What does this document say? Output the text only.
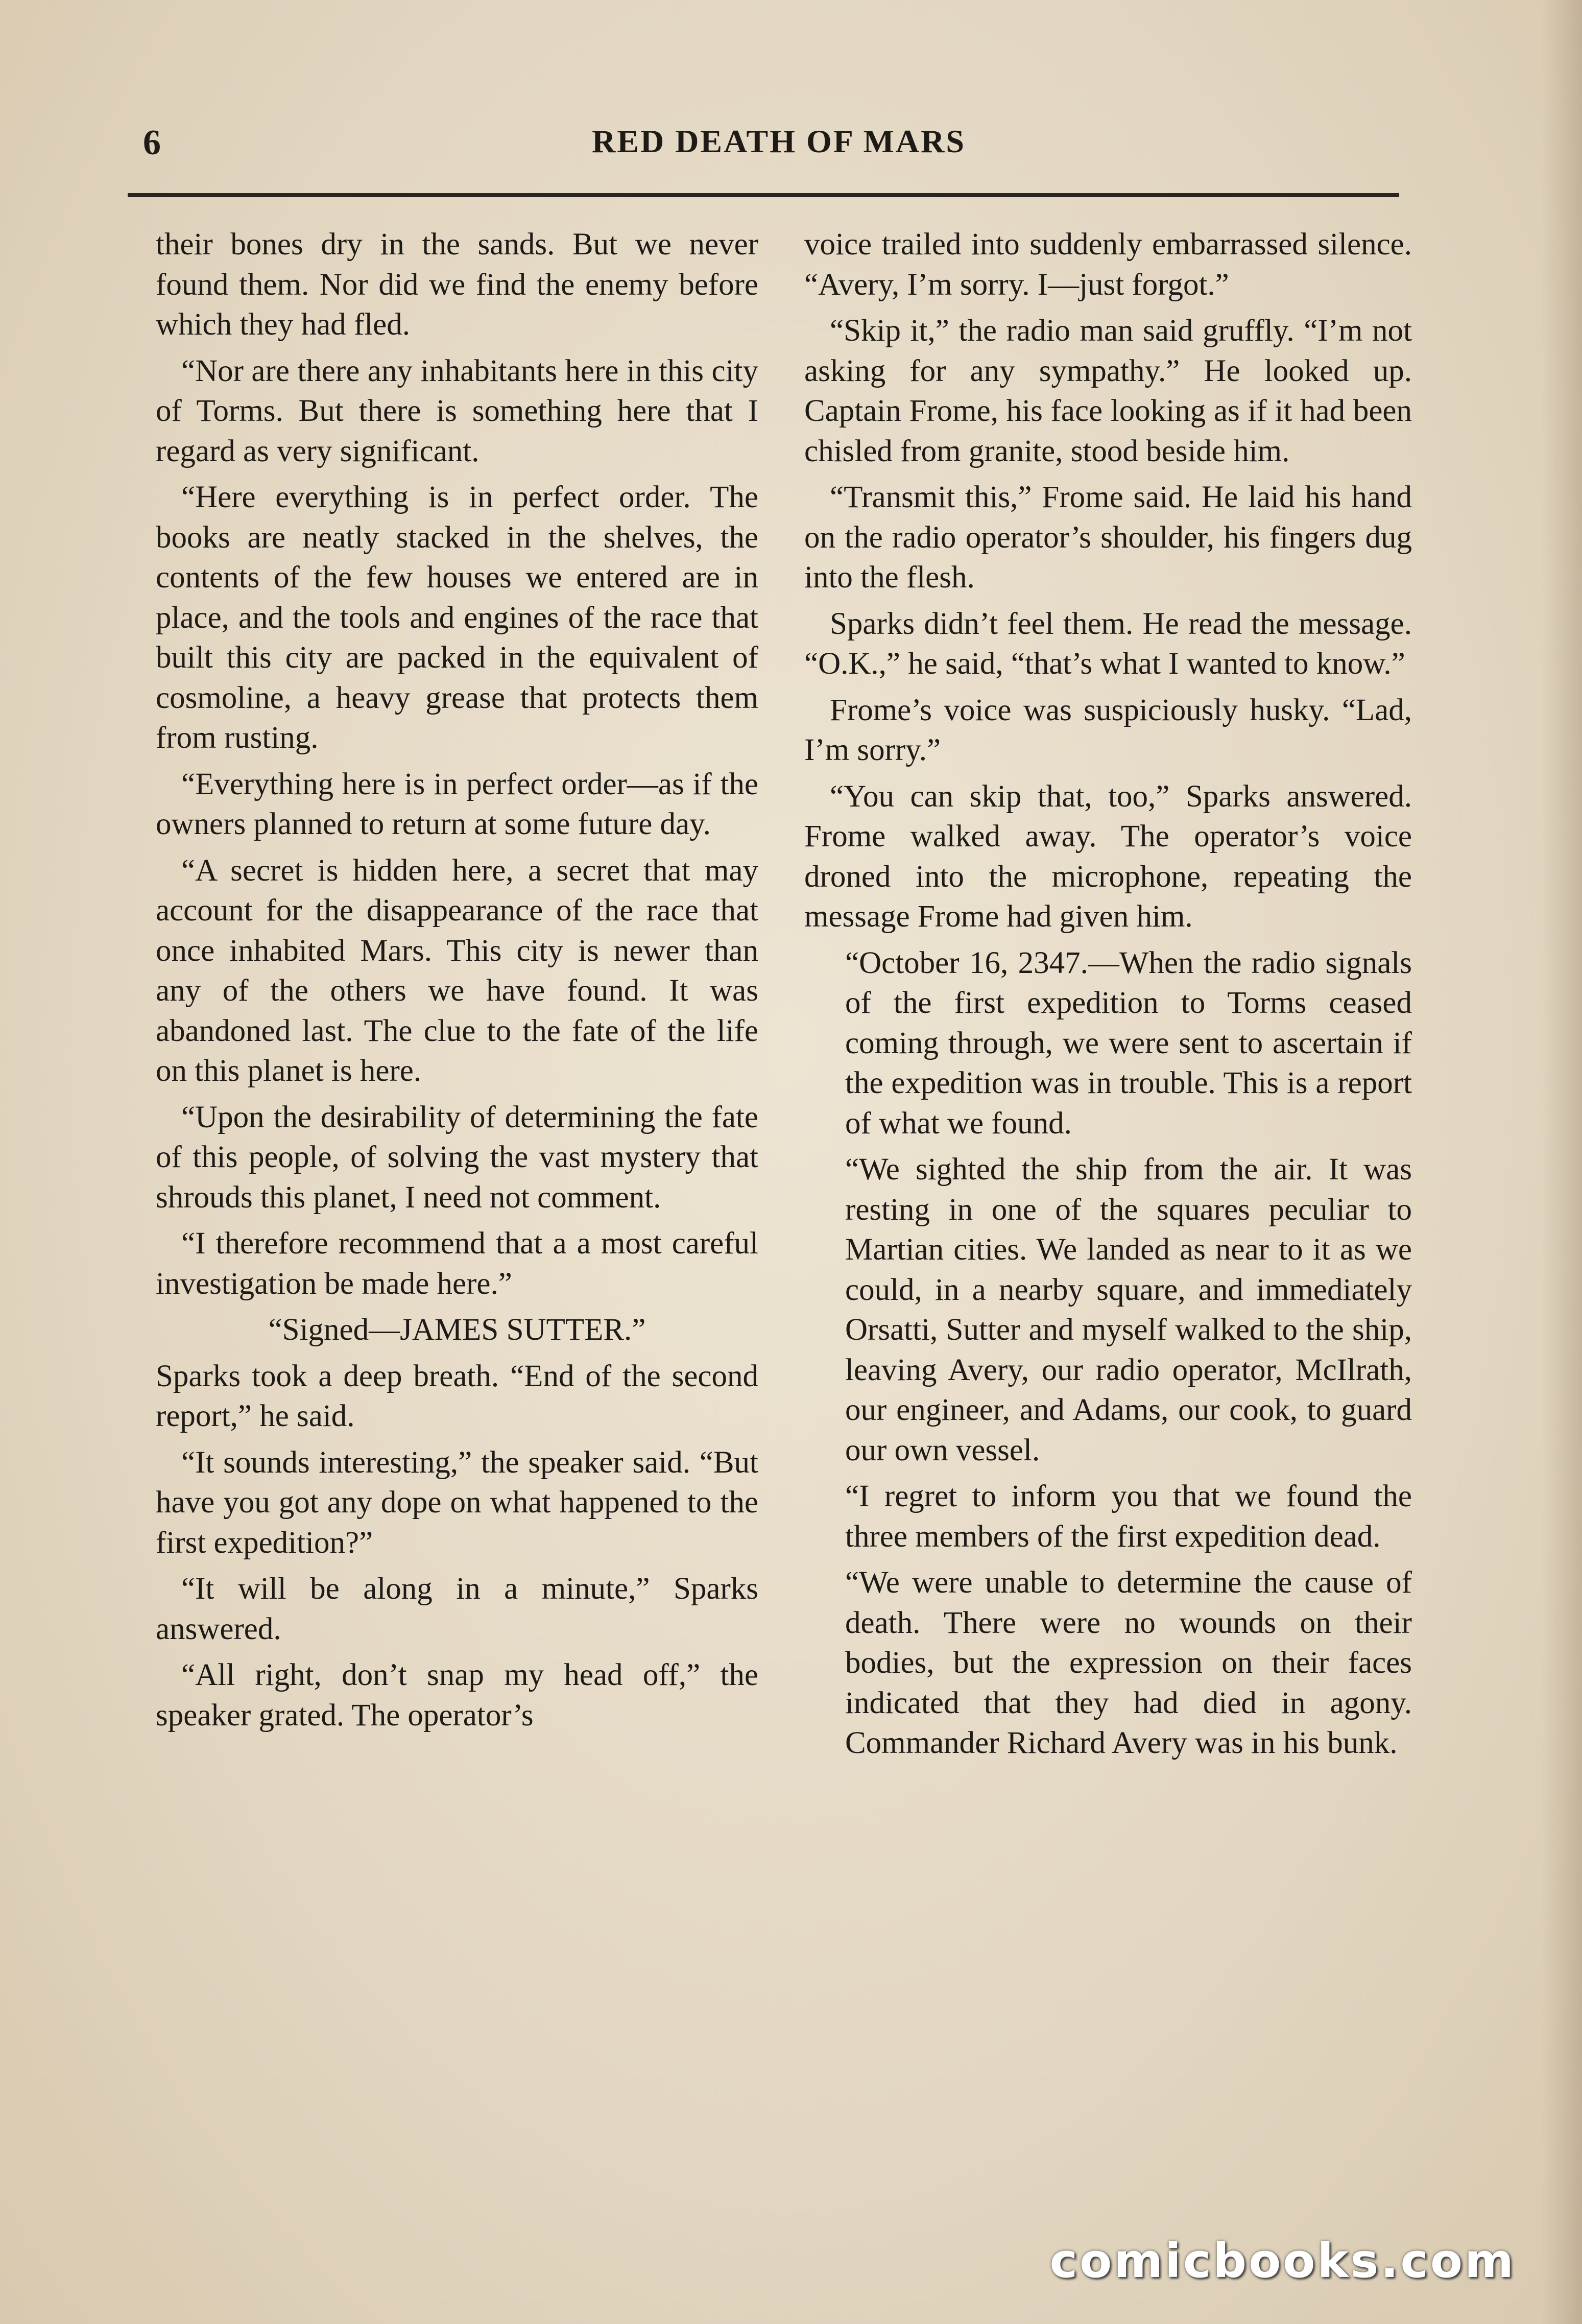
6	RED DEATH OF MARS

their bones dry in the sands. But we never found them. Nor did we find the enemy before which they had fled.

“Nor are there any inhabitants here in this city of Torms. But there is something here that I regard as very significant.

“Here everything is in perfect order. The books are neatly stacked in the shelves, the contents of the few houses we entered are in place, and the tools and engines of the race that built this city are packed in the equivalent of cosmoline, a heavy grease that protects them from rusting.

“Everything here is in perfect order—as if the owners planned to return at some future day.

“A secret is hidden here, a secret that may account for the disappearance of the race that once inhabited Mars. This city is newer than any of the others we have found. It was abandoned last. The clue to the fate of the life on this planet is here.

“Upon the desirability of determining the fate of this people, of solving the vast mystery that shrouds this planet, I need not comment.

“I therefore recommend that a a most careful investigation be made here.”

“Signed—JAMES SUTTER.”

Sparks took a deep breath. “End of the second report,” he said.

“It sounds interesting,” the speaker said. “But have you got any dope on what happened to the first expedition?”

“It will be along in a minute,” Sparks answered.

“All right, don’t snap my head off,” the speaker grated. The operator’s

voice trailed into suddenly embarrassed silence. “Avery, I’m sorry. I—just forgot.”

“Skip it,” the radio man said gruffly. “I’m not asking for any sympathy.” He looked up. Captain Frome, his face looking as if it had been chisled from granite, stood beside him.

“Transmit this,” Frome said. He laid his hand on the radio operator’s shoulder, his fingers dug into the flesh.

Sparks didn’t feel them. He read the message. “O.K.,” he said, “that’s what I wanted to know.”

Frome’s voice was suspiciously husky. “Lad, I’m sorry.”

“You can skip that, too,” Sparks answered. Frome walked away. The operator’s voice droned into the microphone, repeating the message Frome had given him.

“October 16, 2347.—When the radio signals of the first expedition to Torms ceased coming through, we were sent to ascertain if the expedition was in trouble. This is a report of what we found.

“We sighted the ship from the air. It was resting in one of the squares peculiar to Martian cities. We landed as near to it as we could, in a nearby square, and immediately Orsatti, Sutter and myself walked to the ship, leaving Avery, our radio operator, McIlrath, our engineer, and Adams, our cook, to guard our own vessel.

“I regret to inform you that we found the three members of the first expedition dead.

“We were unable to determine the cause of death. There were no wounds on their bodies, but the expression on their faces indicated that they had died in agony. Commander Richard Avery was in his bunk.

comicbooks.com
